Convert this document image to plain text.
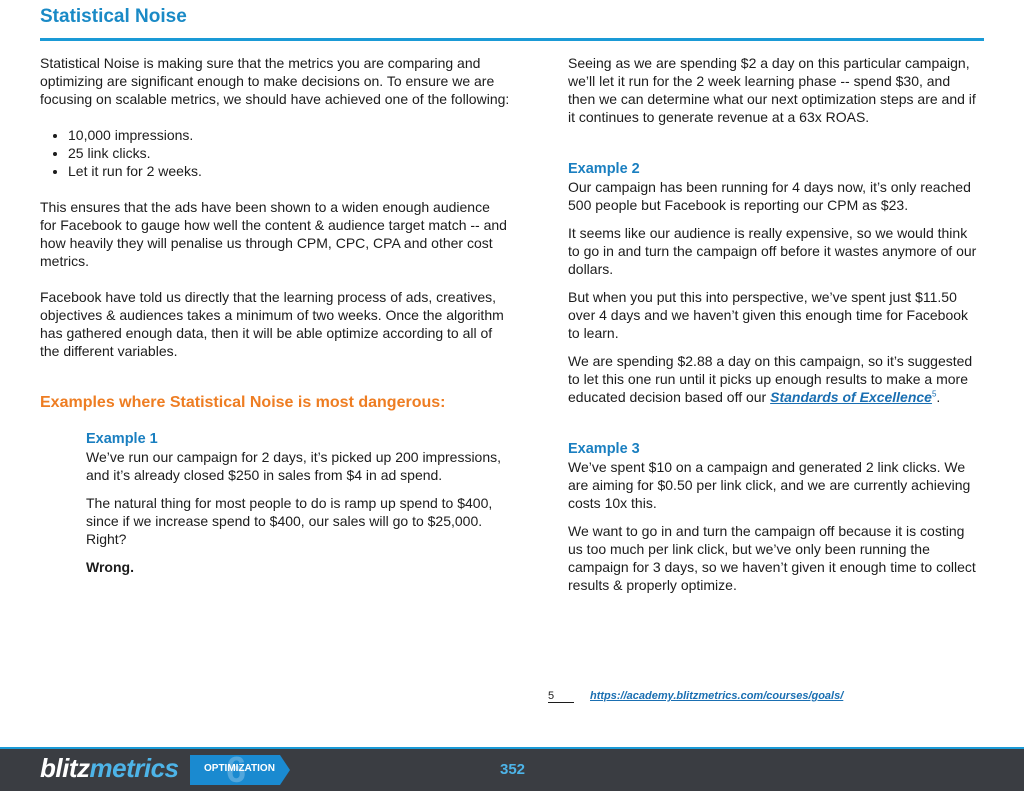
Statistical Noise

Statistical Noise is making sure that the metrics you are comparing and optimizing are significant enough to make decisions on. To ensure we are focusing on scalable metrics, we should have achieved one of the following:

• 10,000 impressions.
• 25 link clicks.
• Let it run for 2 weeks.

This ensures that the ads have been shown to a widen enough audience for Facebook to gauge how well the content & audience target match -- and how heavily they will penalise us through CPM, CPC, CPA and other cost metrics.

Facebook have told us directly that the learning process of ads, creatives, objectives & audiences takes a minimum of two weeks. Once the algorithm has gathered enough data, then it will be able optimize according to all of the different variables.

Examples where Statistical Noise is most dangerous:

Example 1

We’ve run our campaign for 2 days, it’s picked up 200 impressions, and it’s already closed $250 in sales from $4 in ad spend.

The natural thing for most people to do is ramp up spend to $400, since if we increase spend to $400, our sales will go to $25,000. Right?

Wrong.

Seeing as we are spending $2 a day on this particular campaign, we’ll let it run for the 2 week learning phase -- spend $30, and then we can determine what our next optimization steps are and if it continues to generate revenue at a 63x ROAS.

Example 2

Our campaign has been running for 4 days now, it’s only reached 500 people but Facebook is reporting our CPM as $23.

It seems like our audience is really expensive, so we would think to go in and turn the campaign off before it wastes anymore of our dollars.

But when you put this into perspective, we’ve spent just $11.50 over 4 days and we haven’t given this enough time for Facebook to learn.

We are spending $2.88 a day on this campaign, so it’s suggested to let this one run until it picks up enough results to make a more educated decision based off our Standards of Excellence$^5$.

Example 3

We’ve spent $10 on a campaign and generated 2 link clicks. We are aiming for $0.50 per link click, and we are currently achieving costs 10x this.

We want to go in and turn the campaign off because it is costing us too much per link click, but we’ve only been running the campaign for 3 days, so we haven’t given it enough time to collect results & properly optimize.

5	https://academy.blitzmetrics.com/courses/goals/
blitzmetrics 6
OPTIMIZATION	352
